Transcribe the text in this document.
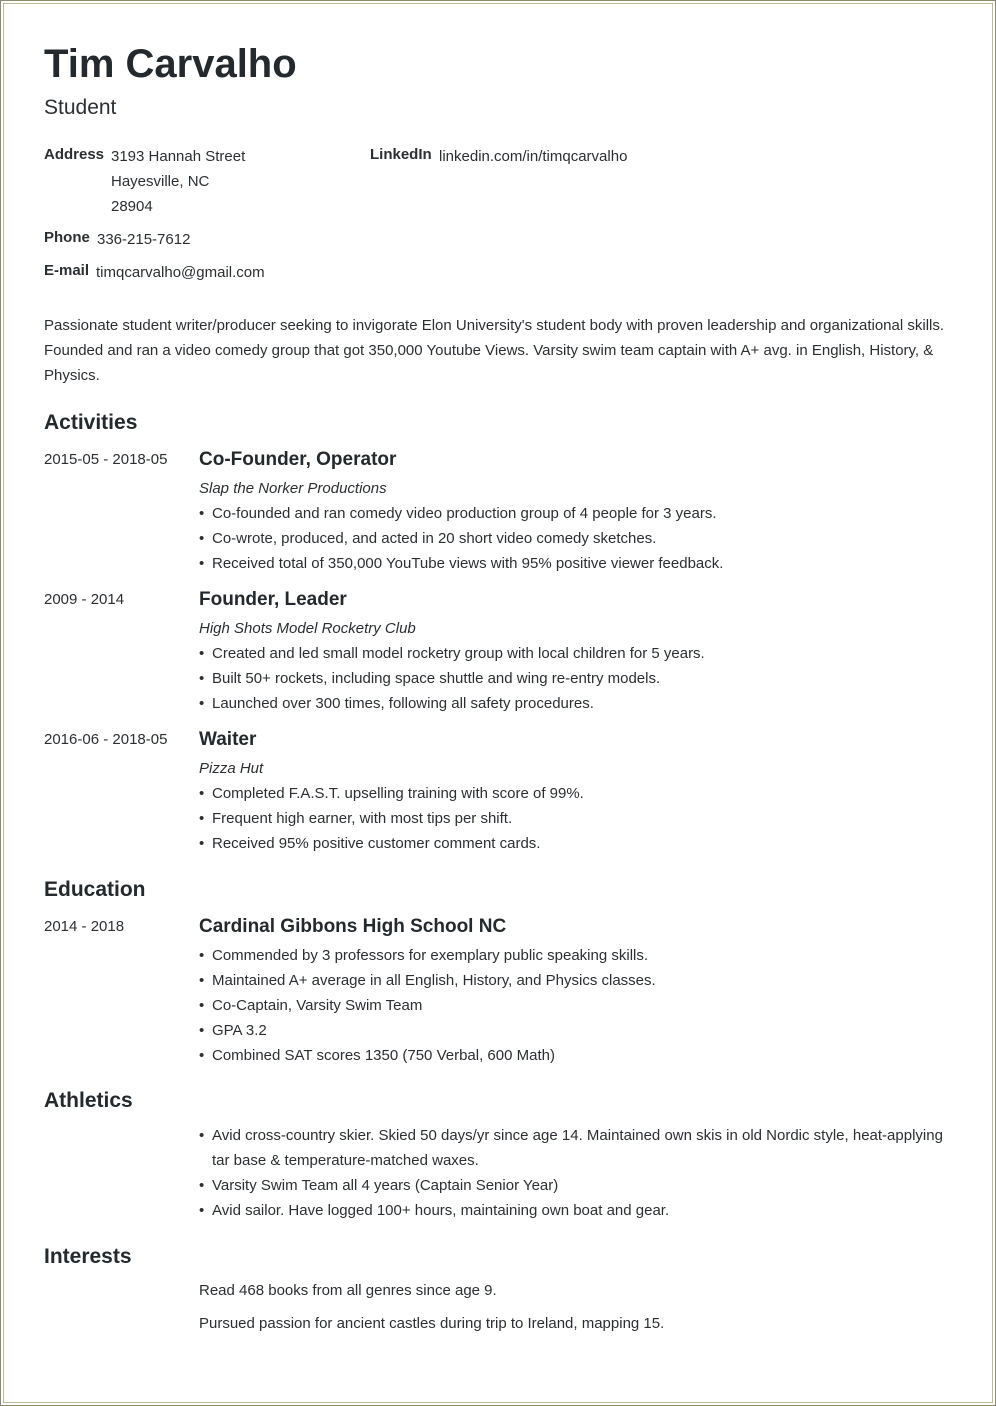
Tim Carvalho
Student
Address 3193 Hannah Street
Hayesville, NC
28904
LinkedIn linkedin.com/in/timqcarvalho
Phone 336-215-7612
E-mail timqcarvalho@gmail.com
Passionate student writer/producer seeking to invigorate Elon University's student body with proven leadership and organizational skills. Founded and ran a video comedy group that got 350,000 Youtube Views. Varsity swim team captain with A+ avg. in English, History, & Physics.
Activities
2015-05 - 2018-05 Co-Founder, Operator
Slap the Norker Productions
• Co-founded and ran comedy video production group of 4 people for 3 years.
• Co-wrote, produced, and acted in 20 short video comedy sketches.
• Received total of 350,000 YouTube views with 95% positive viewer feedback.
2009 - 2014	Founder, Leader
High Shots Model Rocketry Club
• Created and led small model rocketry group with local children for 5 years.
• Built 50+ rockets, including space shuttle and wing re-entry models.
• Launched over 300 times, following all safety procedures.
2016-06 - 2018-05 Waiter
Pizza Hut
• Completed F.A.S.T. upselling training with score of 99%.
• Frequent high earner, with most tips per shift.
• Received 95% positive customer comment cards.
Education
2014 - 2018	Cardinal Gibbons High School NC
• Commended by 3 professors for exemplary public speaking skills.
• Maintained A+ average in all English, History, and Physics classes.
• Co-Captain, Varsity Swim Team
• GPA 3.2
• Combined SAT scores 1350 (750 Verbal, 600 Math)
Athletics
• Avid cross-country skier. Skied 50 days/yr since age 14. Maintained own skis in old Nordic style, heat-applying tar base & temperature-matched waxes.
• Varsity Swim Team all 4 years (Captain Senior Year)
• Avid sailor. Have logged 100+ hours, maintaining own boat and gear.
Interests
Read 468 books from all genres since age 9.
Pursued passion for ancient castles during trip to Ireland, mapping 15.
